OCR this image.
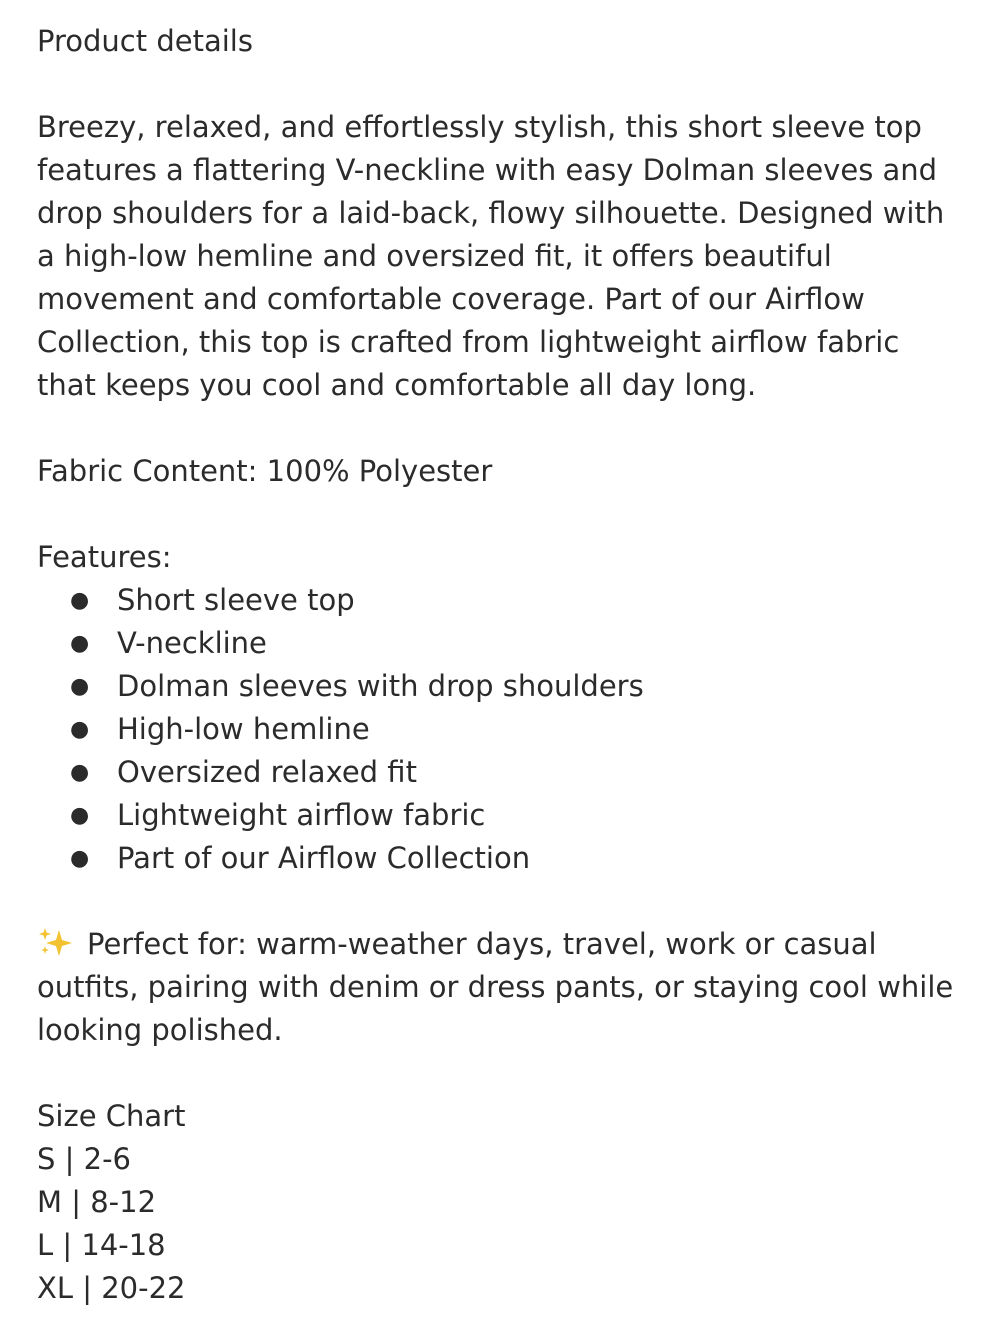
Product details

Breezy, relaxed, and effortlessly stylish, this short sleeve top

features a flattering V-neckline with easy Dolman sleeves and

drop shoulders for a laid-back, flowy silhouette. Designed with

a high-low hemline and oversized fit, it offers beautiful

movement and comfortable coverage. Part of our Airflow

Collection, this top is crafted from lightweight airflow fabric

that keeps you cool and comfortable all day long.

Fabric Content: 100% Polyester

Features:

● Short sleeve top
● V-neckline
● Dolman sleeves with drop shoulders
● High-low hemline
● Oversized relaxed fit
● Lightweight airflow fabric
● Part of our Airflow Collection

Perfect for: warm-weather days, travel, work or casual

outfits, pairing with denim or dress pants, or staying cool while

looking polished.

Size Chart

S | 2-6

M | 8-12

L | 14-18

XL | 20-22
